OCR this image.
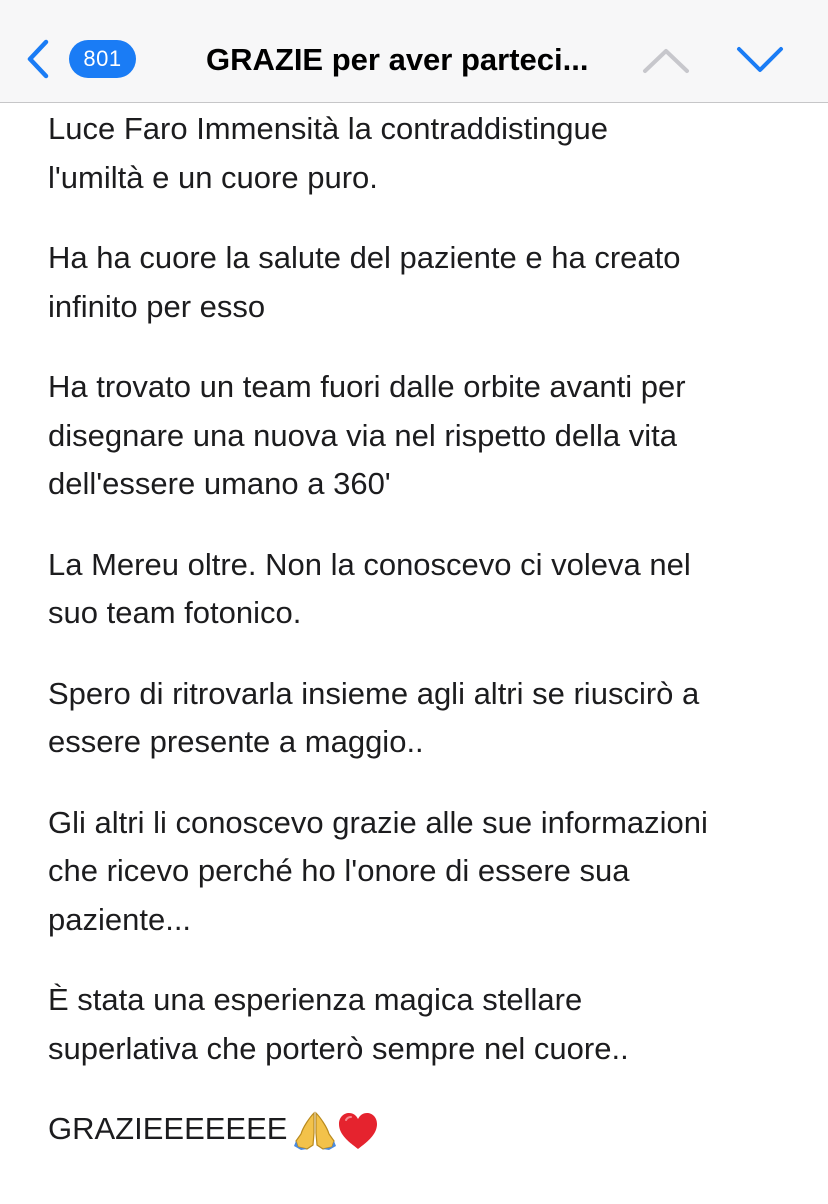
801	GRAZIE per aver parteci...

Luce Faro Immensità la contraddistingue
l'umiltà e un cuore puro.

Ha ha cuore la salute del paziente e ha creato
infinito per esso

Ha trovato un team fuori dalle orbite avanti per
disegnare una nuova via nel rispetto della vita
dell'essere umano a 360'

La Mereu oltre. Non la conoscevo ci voleva nel
suo team fotonico.

Spero di ritrovarla insieme agli altri se riuscirò a
essere presente a maggio..

Gli altri li conoscevo grazie alle sue informazioni
che ricevo perché ho l'onore di essere sua
paziente...

È stata una esperienza magica stellare
superlativa che porterò sempre nel cuore..

GRAZIEEEEEEE
